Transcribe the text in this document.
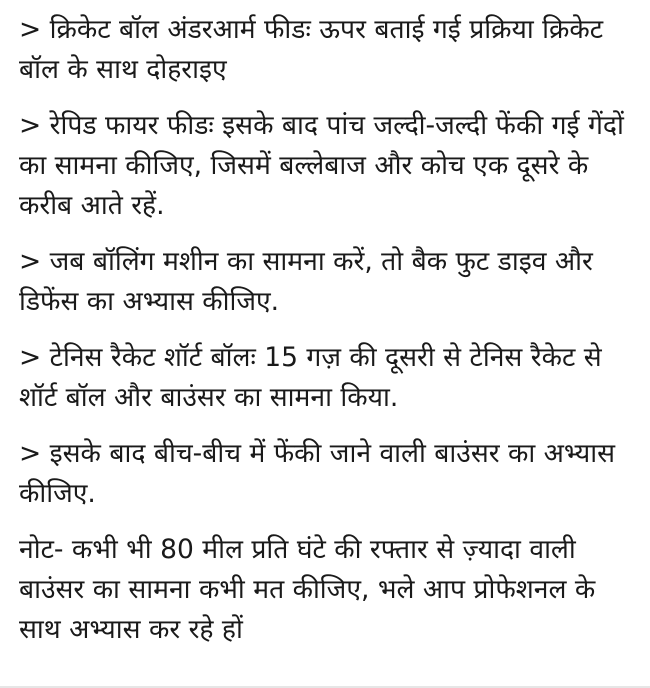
> क्रिकेट बॉल अंडरआर्म फीडः ऊपर बताई गई प्रक्रिया क्रिकेट बॉल के साथ दोहराइए

> रेपिड फायर फीडः इसके बाद पांच जल्दी-जल्दी फेंकी गई गेंदों का सामना कीजिए, जिसमें बल्लेबाज और कोच एक दूसरे के करीब आते रहें.

> जब बॉलिंग मशीन का सामना करें, तो बैक फुट डाइव और डिफेंस का अभ्यास कीजिए.

> टेनिस रैकेट शॉर्ट बॉलः 15 गज़ की दूसरी से टेनिस रैकेट से शॉर्ट बॉल और बाउंसर का सामना किया.

> इसके बाद बीच-बीच में फेंकी जाने वाली बाउंसर का अभ्यास कीजिए.

नोट- कभी भी 80 मील प्रति घंटे की रफ्तार से ज़्यादा वाली बाउंसर का सामना कभी मत कीजिए, भले आप प्रोफेशनल के साथ अभ्यास कर रहे हों
